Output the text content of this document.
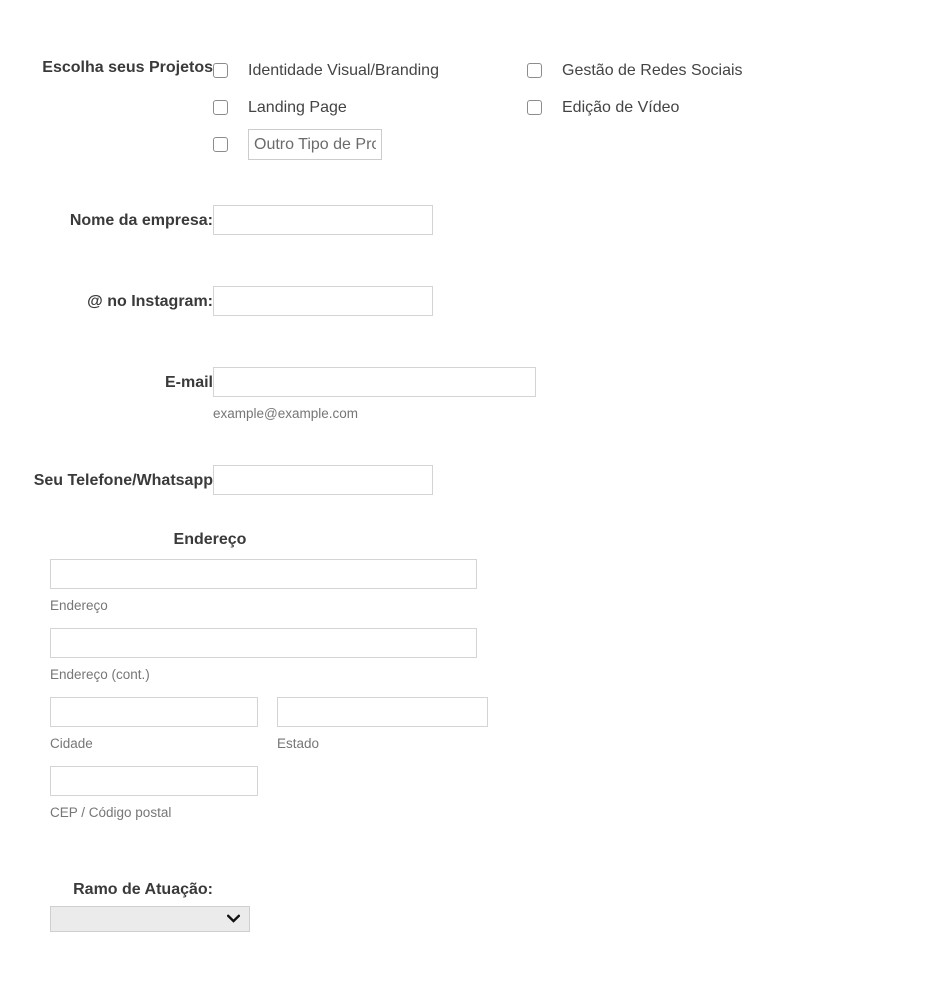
Escolha seus Projetos Identidade Visual/Branding
Landing Page
Outro Tipo de Projeto
Gestão de Redes Sociais
Edição de Vídeo
Nome da empresa:
@ no Instagram:
E-mail
example@example.com
Seu Telefone/Whatsapp
Endereço
Endereço
Endereço (cont.)
Cidade	Estado
CEP / Código postal
Ramo de Atuação:
